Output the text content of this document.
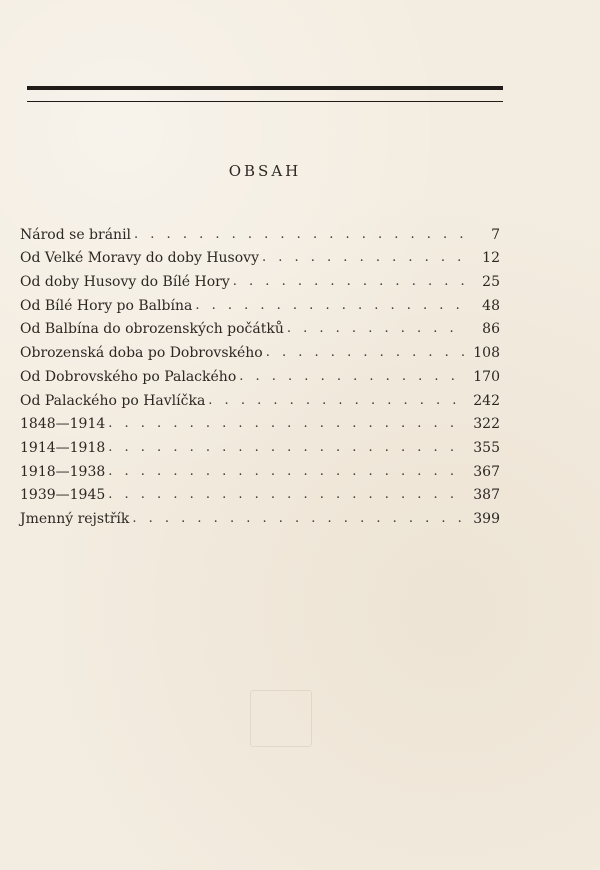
OBSAH
Národ se bránil . . .	7
Od Velké Moravy do doby Husovy . . .	12
Od doby Husovy do Bílé Hory . . .	25
Od Bílé Hory po Balbína . . .	48
Od Balbína do obrozenských počátků . . .	86
Obrozenská doba po Dobrovského . . .	108
Od Dobrovského po Palackého . . .	170
Od Palackého po Havlíčka . . .	242
1848—1914 . . .	322
1914—1918 . . .	355
1918—1938 . . .	367
1939—1945 . . .	387
Jmenný rejstřík . . .	399
